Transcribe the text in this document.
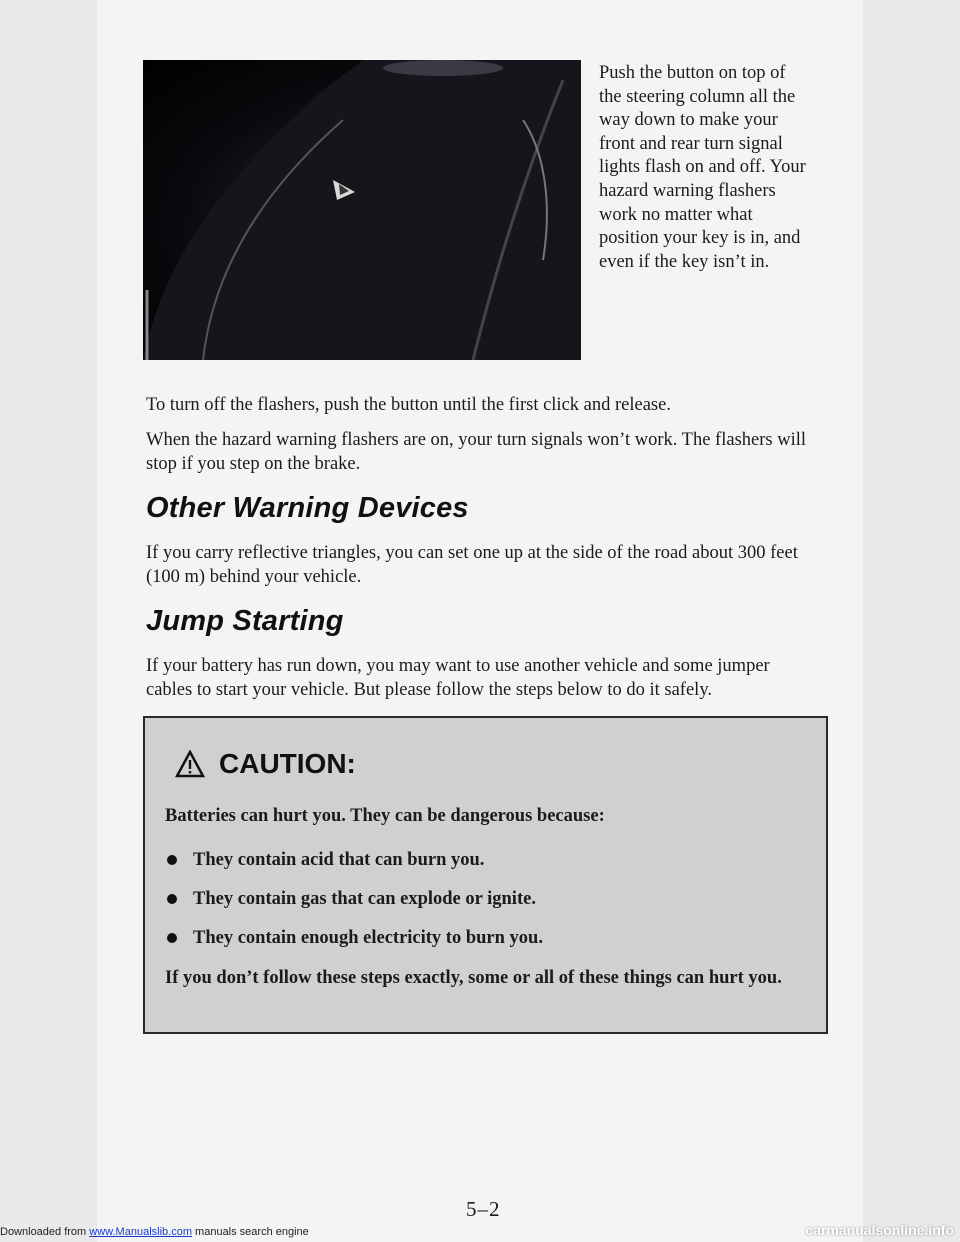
Push the button on top of the steering column all the way down to make your front and rear turn signal lights flash on and off. Your hazard warning flashers work no matter what position your key is in, and even if the key isn’t in.

To turn off the flashers, push the button until the first click and release.

When the hazard warning flashers are on, your turn signals won’t work. The flashers will stop if you step on the brake.

Other Warning Devices

If you carry reflective triangles, you can set one up at the side of the road about 300 feet (100 m) behind your vehicle.

Jump Starting

If your battery has run down, you may want to use another vehicle and some jumper cables to start your vehicle. But please follow the steps below to do it safely.

CAUTION:

Batteries can hurt you. They can be dangerous because:

They contain acid that can burn you.
They contain gas that can explode or ignite.
They contain enough electricity to burn you.

If you don’t follow these steps exactly, some or all of these things can hurt you.

5–2
Downloaded from www.Manualslib.com manuals search engine	carmanualsonline.info
